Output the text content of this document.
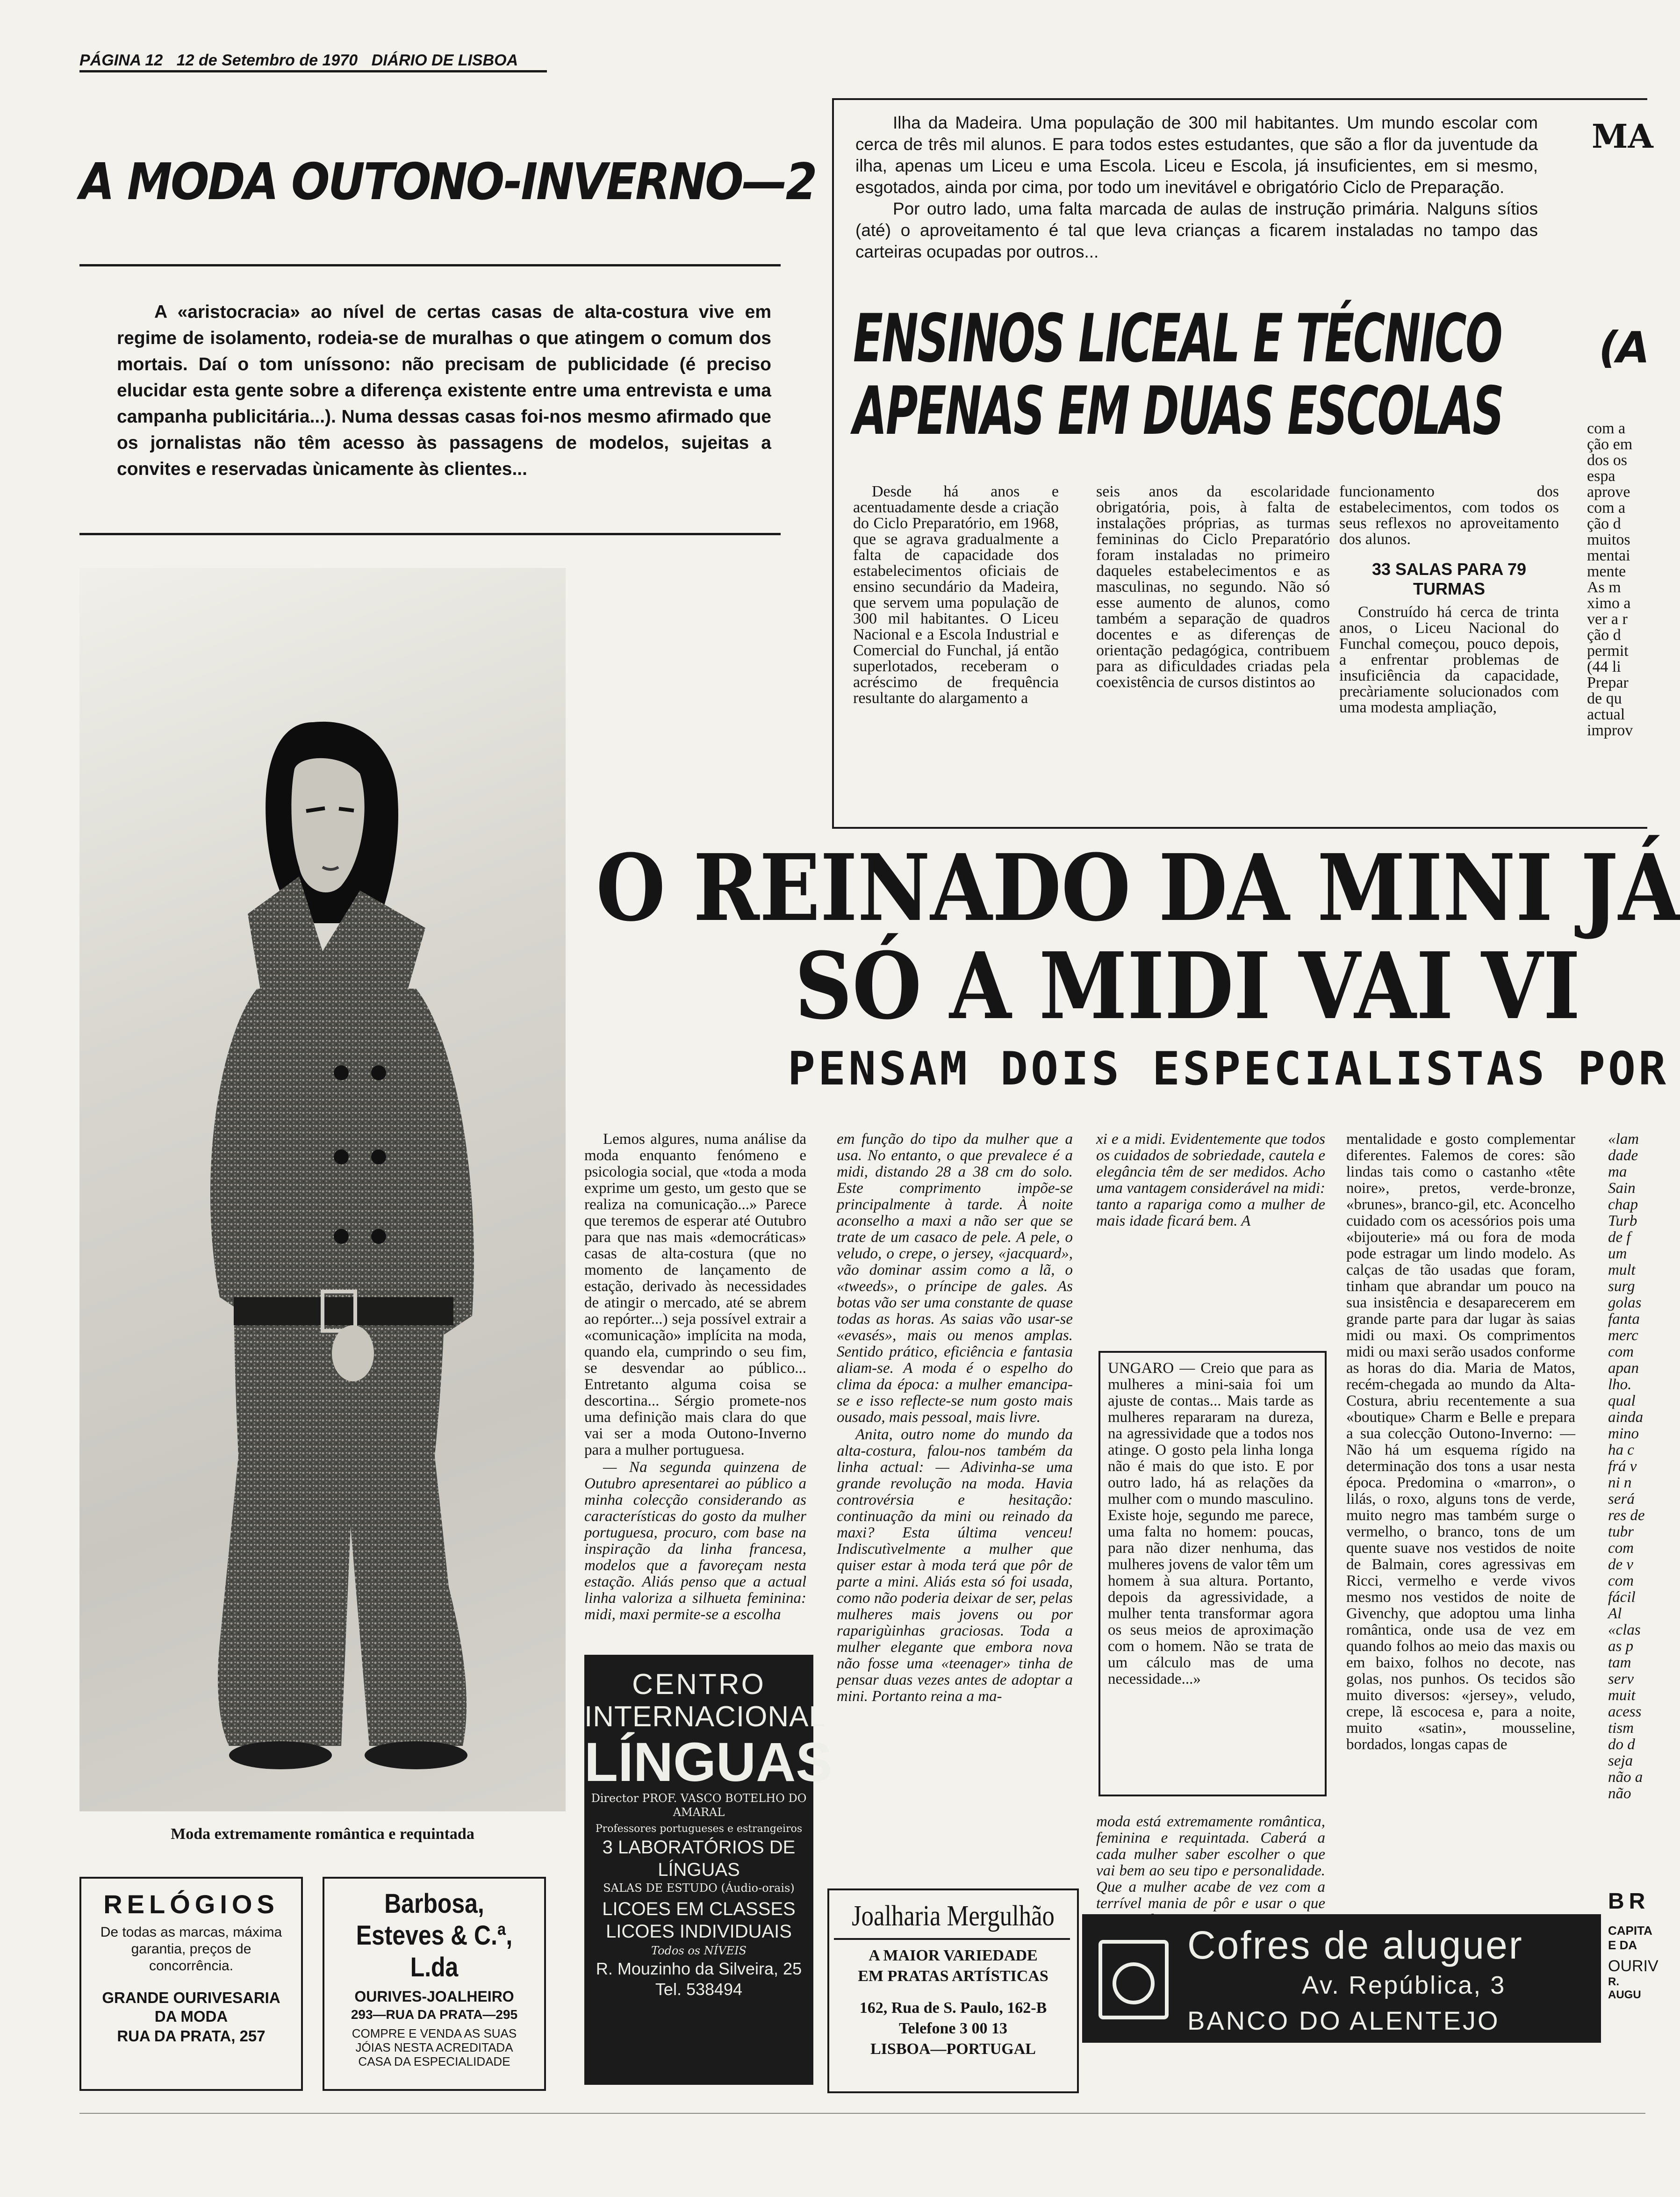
PÁGINA 12 12 de Setembro de 1970 DIÁRIO DE LISBOA
A MODA OUTONO-INVERNO—2
A «aristocracia» ao nível de certas casas de alta-costura vive em regime de isolamento, rodeia-se de muralhas o que atingem o comum dos mortais. Daí o tom uníssono: não precisam de publicidade (é preciso elucidar esta gente sobre a diferença existente entre uma entrevista e uma campanha publicitária...). Numa dessas casas foi-nos mesmo afirmado que os jornalistas não têm acesso às passagens de modelos, sujeitas a convites e reservadas ùnicamente às clientes...
Moda extremamente romântica e requintada

Ilha da Madeira. Uma população de 300 mil habitantes. Um mundo escolar com cerca de três mil alunos. E para todos estes estudantes, que são a flor da juventude da ilha, apenas um Liceu e uma Escola. Liceu e Escola, já insuficientes, em si mesmo, esgotados, ainda por cima, por todo um inevitável e obrigatório Ciclo de Preparação.

Por outro lado, uma falta marcada de aulas de instrução primária. Nalguns sítios (até) o aproveitamento é tal que leva crianças a ficarem instaladas no tampo das carteiras ocupadas por outros...

MA
ENSINOS LICEAL E TÉCNICO (A
APENAS EM DUAS ESCOLAS

Desde há anos e acentuadamente desde a criação do Ciclo Preparatório, em 1968, que se agrava gradualmente a falta de capacidade dos estabelecimentos oficiais de ensino secundário da Madeira, que servem uma população de 300 mil habitantes. O Liceu Nacional e a Escola Industrial e Comercial do Funchal, já então superlotados, receberam o acréscimo de frequência resultante do alargamento a

seis anos da escolaridade obrigatória, pois, à falta de instalações próprias, as turmas femininas do Ciclo Preparatório foram instaladas no primeiro daqueles estabelecimentos e as masculinas, no segundo. Não só esse aumento de alunos, como também a separação de quadros docentes e as diferenças de orientação pedagógica, contribuem para as dificuldades criadas pela coexistência de cursos distintos ao

funcionamento dos estabelecimentos, com todos os seus reflexos no aproveitamento dos alunos.

33 SALAS PARA 79 TURMAS

Construído há cerca de trinta anos, o Liceu Nacional do Funchal começou, pouco depois, a enfrentar problemas de insuficiência da capacidade, precàriamente solucionados com uma modesta ampliação,

com a ção em dos os espa aprove com a ção d muitos mentai mente As m ximo a ver a r ção d permit (44 li Prepar de qu actual improv
O REINADO DA MINI JÁ
SÓ A MIDI VAI VI
PENSAM DOIS ESPECIALISTAS POR

Lemos algures, numa análise da moda enquanto fenómeno e psicologia social, que «toda a moda exprime um gesto, um gesto que se realiza na comunicação...» Parece que teremos de esperar até Outubro para que nas mais «democráticas» casas de alta-costura (que no momento de lançamento de estação, derivado às necessidades de atingir o mercado, até se abrem ao repórter...) seja possível extrair a «comunicação» implícita na moda, quando ela, cumprindo o seu fim, se desvendar ao público... Entretanto alguma coisa se descortina... Sérgio promete-nos uma definição mais clara do que vai ser a moda Outono-Inverno para a mulher portuguesa.

— Na segunda quinzena de Outubro apresentarei ao público a minha colecção considerando as características do gosto da mulher portuguesa, procuro, com base na inspiração da linha francesa, modelos que a favoreçam nesta estação. Aliás penso que a actual linha valoriza a silhueta feminina: midi, maxi permite-se a escolha

em função do tipo da mulher que a usa. No entanto, o que prevalece é a midi, distando 28 a 38 cm do solo. Este comprimento impõe-se principalmente à tarde. À noite aconselho a maxi a não ser que se trate de um casaco de pele. A pele, o veludo, o crepe, o jersey, «jacquard», vão dominar assim como a lã, o «tweeds», o príncipe de gales. As botas vão ser uma constante de quase todas as horas. As saias vão usar-se «evasés», mais ou menos amplas. Sentido prático, eficiência e fantasia aliam-se. A moda é o espelho do clima da época: a mulher emancipa-se e isso reflecte-se num gosto mais ousado, mais pessoal, mais livre.

Anita, outro nome do mundo da alta-costura, falou-nos também da linha actual: — Adivinha-se uma grande revolução na moda. Havia controvérsia e hesitação: continuação da mini ou reinado da maxi? Esta última venceu! Indiscutìvelmente a mulher que quiser estar à moda terá que pôr de parte a mini. Aliás esta só foi usada, como não poderia deixar de ser, pelas mulheres mais jovens ou por raparigùinhas graciosas. Toda a mulher elegante que embora nova não fosse uma «teenager» tinha de pensar duas vezes antes de adoptar a mini. Portanto reina a ma-

xi e a midi. Evidentemente que todos os cuidados de sobriedade, cautela e elegância têm de ser medidos. Acho uma vantagem considerável na midi: tanto a rapariga como a mulher de mais idade ficará bem. A

UNGARO — Creio que para as mulheres a mini-saia foi um ajuste de contas... Mais tarde as mulheres repararam na dureza, na agressividade que a todos nos atinge. O gosto pela linha longa não é mais do que isto. E por outro lado, há as relações da mulher com o mundo masculino. Existe hoje, segundo me parece, uma falta no homem: poucas, para não dizer nenhuma, das mulheres jovens de valor têm um homem à sua altura. Portanto, depois da agressividade, a mulher tenta transformar agora os seus meios de aproximação com o homem. Não se trata de um cálculo mas de uma necessidade...»

moda está extremamente romântica, feminina e requintada. Caberá a cada mulher saber escolher o que vai bem ao seu tipo e personalidade. Que a mulher acabe de vez com a terrível mania de pôr e usar o que

mentalidade e gosto complementar diferentes. Falemos de cores: são lindas tais como o castanho «tête noire», pretos, verde-bronze, «brunes», branco-gil, etc. Aconcelho cuidado com os acessórios pois uma «bijouterie» má ou fora de moda pode estragar um lindo modelo. As calças de tão usadas que foram, tinham que abrandar um pouco na sua insistência e desaparecerem em grande parte para dar lugar às saias midi ou maxi. Os comprimentos midi ou maxi serão usados conforme as horas do dia. Maria de Matos, recém-chegada ao mundo da Alta-Costura, abriu recentemente a sua «boutique» Charm e Belle e prepara a sua colecção Outono-Inverno: — Não há um esquema rígido na determinação dos tons a usar nesta época. Predomina o «marron», o lilás, o roxo, alguns tons de verde, muito negro mas também surge o vermelho, o branco, tons de um quente suave nos vestidos de noite de Balmain, cores agressivas em Ricci, vermelho e verde vivos mesmo nos vestidos de noite de Givenchy, que adoptou uma linha romântica, onde usa de vez em quando folhos ao meio das maxis ou em baixo, folhos no decote, nas golas, nos punhos. Os tecidos são muito diversos: «jersey», veludo, crepe, lã escocesa e, para a noite, muito «satin», mousseline, bordados, longas capas de

«lam dade ma Sain chap Turb de f um mult surg golas fanta merc com apan lho. qual ainda mino ha c frá v ni n será res de tubr com de v com fácil Al «clas as p tam serv muit acess tism do d seja não a não
CENTRO
INTERNACIONAL
LÍNGUAS
Director PROF. VASCO BOTELHO DO AMARAL
Professores portugueses e estrangeiros
3 LABORATÓRIOS DE LÍNGUAS
SALAS DE ESTUDO (Áudio-orais)
LICOES EM CLASSES
LICOES INDIVIDUAIS
Todos os NÍVEIS
R. Mouzinho da Silveira, 25
Tel. 538494
Joalharia Mergulhão
A MAIOR VARIEDADE
EM PRATAS ARTÍSTICAS
162, Rua de S. Paulo, 162-B
Telefone 3 00 13
LISBOA—PORTUGAL
Cofres de aluguer
Av. República, 3
BANCO DO ALENTEJO
BR
CAPITA
E DA
OURIV
R. AUGU
RELÓGIOS
De todas as marcas, máxima garantia, preços de concorrência.
GRANDE OURIVESARIA DA MODA
RUA DA PRATA, 257
Barbosa, Esteves & C.ª, L.da
OURIVES-JOALHEIRO
293—RUA DA PRATA—295
COMPRE E VENDA AS SUAS JÓIAS NESTA ACREDITADA CASA DA ESPECIALIDADE
